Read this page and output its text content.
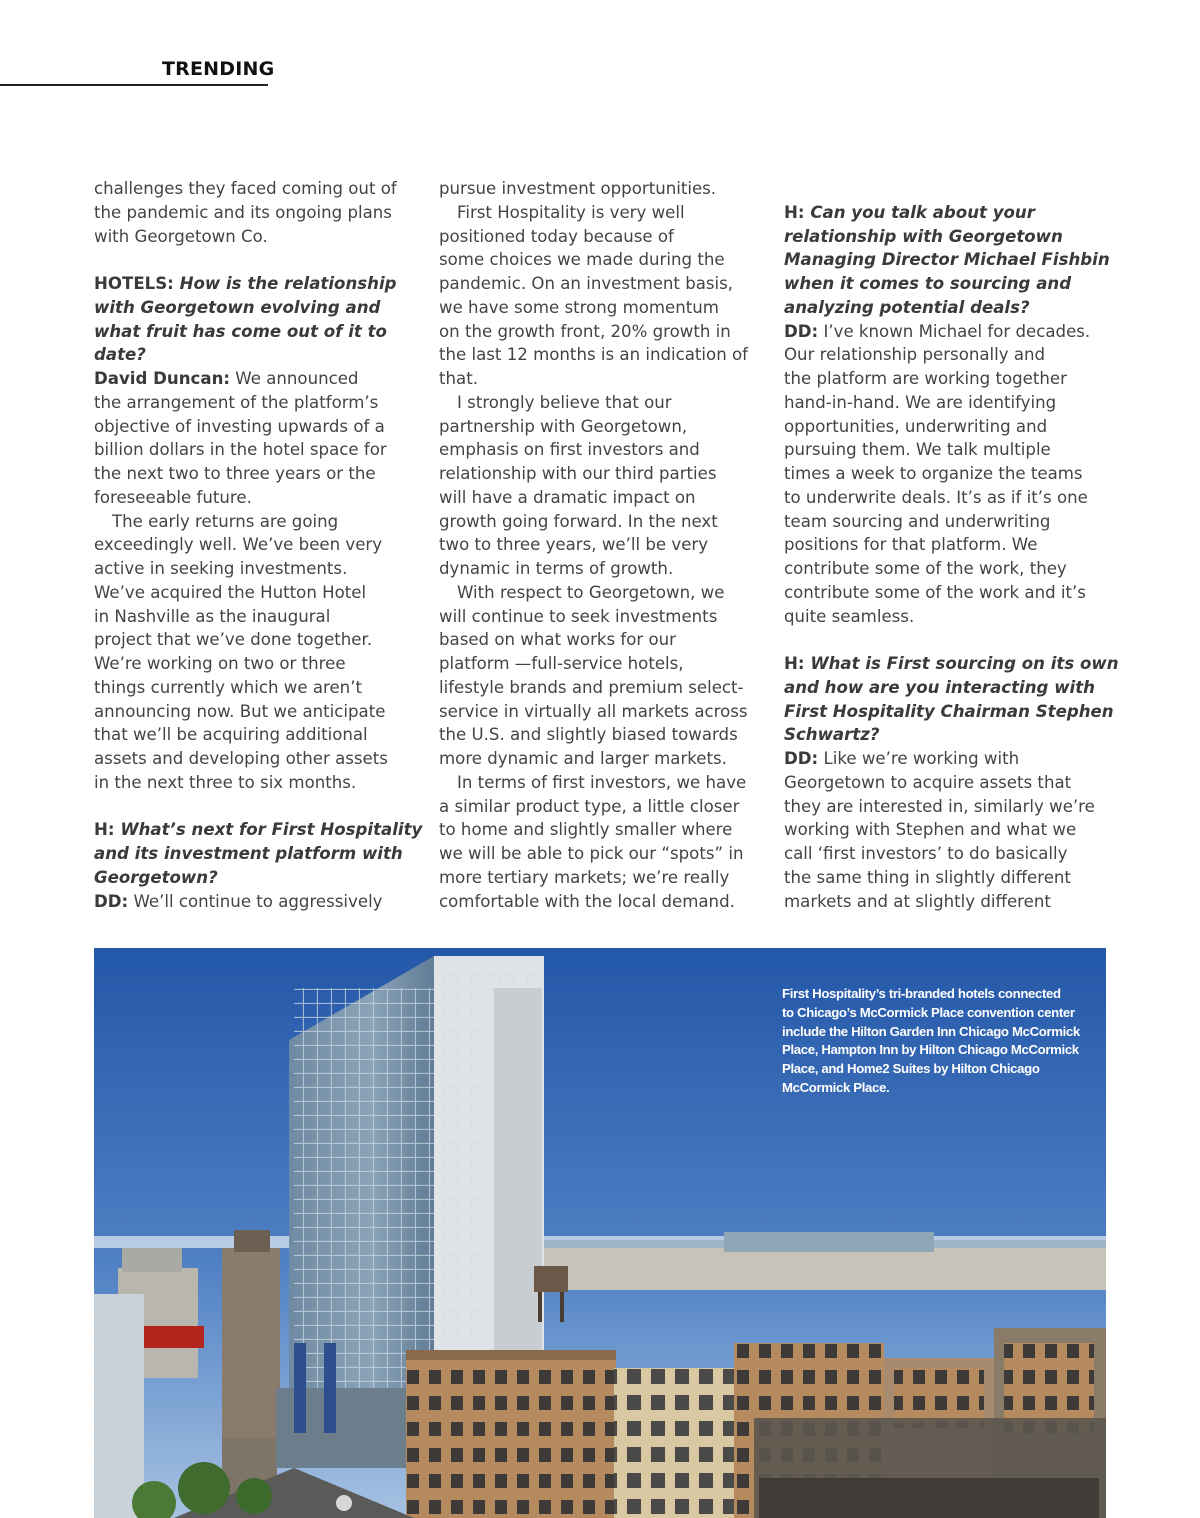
TRENDING
challenges they faced coming out of
the pandemic and its ongoing plans
with Georgetown Co.
HOTELS: How is the relationship
with Georgetown evolving and
what fruit has come out of it to
date?
David Duncan: We announced
the arrangement of the platform’s
objective of investing upwards of a
billion dollars in the hotel space for
the next two to three years or the
foreseeable future.
The early returns are going
exceedingly well. We’ve been very
active in seeking investments.
We’ve acquired the Hutton Hotel
in Nashville as the inaugural
project that we’ve done together.
We’re working on two or three
things currently which we aren’t
announcing now. But we anticipate
that we’ll be acquiring additional
assets and developing other assets
in the next three to six months.
H: What’s next for First Hospitality
and its investment platform with
Georgetown?
DD: We’ll continue to aggressively
pursue investment opportunities.
First Hospitality is very well
positioned today because of
some choices we made during the
pandemic. On an investment basis,
we have some strong momentum
on the growth front, 20% growth in
the last 12 months is an indication of
that.
I strongly believe that our
partnership with Georgetown,
emphasis on first investors and
relationship with our third parties
will have a dramatic impact on
growth going forward. In the next
two to three years, we’ll be very
dynamic in terms of growth.
With respect to Georgetown, we
will continue to seek investments
based on what works for our
platform —full-service hotels,
lifestyle brands and premium select-
service in virtually all markets across
the U.S. and slightly biased towards
more dynamic and larger markets.
In terms of first investors, we have
a similar product type, a little closer
to home and slightly smaller where
we will be able to pick our “spots” in
more tertiary markets; we’re really
comfortable with the local demand.
H: Can you talk about your
relationship with Georgetown
Managing Director Michael Fishbin
when it comes to sourcing and
analyzing potential deals?
DD: I’ve known Michael for decades.
Our relationship personally and
the platform are working together
hand-in-hand. We are identifying
opportunities, underwriting and
pursuing them. We talk multiple
times a week to organize the teams
to underwrite deals. It’s as if it’s one
team sourcing and underwriting
positions for that platform. We
contribute some of the work, they
contribute some of the work and it’s
quite seamless.
H: What is First sourcing on its own
and how are you interacting with
First Hospitality Chairman Stephen
Schwartz?
DD: Like we’re working with
Georgetown to acquire assets that
they are interested in, similarly we’re
working with Stephen and what we
call ‘first investors’ to do basically
the same thing in slightly different
markets and at slightly different
First Hospitality’s tri-branded hotels connected
to Chicago’s McCormick Place convention center
include the Hilton Garden Inn Chicago McCormick
Place, Hampton Inn by Hilton Chicago McCormick
Place, and Home2 Suites by Hilton Chicago
McCormick Place.
